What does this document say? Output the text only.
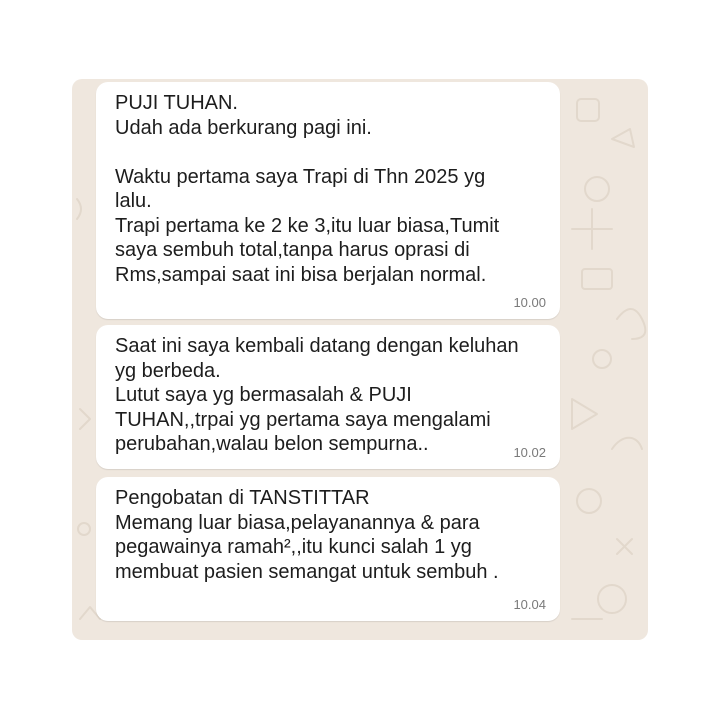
PUJI TUHAN.
Udah ada berkurang pagi ini.

Waktu pertama saya Trapi di Thn 2025 yg
lalu.
Trapi pertama ke 2 ke 3,itu luar biasa,Tumit
saya sembuh total,tanpa harus oprasi di
Rms,sampai saat ini bisa berjalan normal.
10.00
Saat ini saya kembali datang dengan keluhan
yg berbeda.
Lutut saya yg bermasalah & PUJI
TUHAN,,trpai yg pertama saya mengalami
perubahan,walau belon sempurna..	10.02
Pengobatan di TANSTITTAR
Memang luar biasa,pelayanannya & para
pegawainya ramah²,,itu kunci salah 1 yg
membuat pasien semangat untuk sembuh .
10.04
